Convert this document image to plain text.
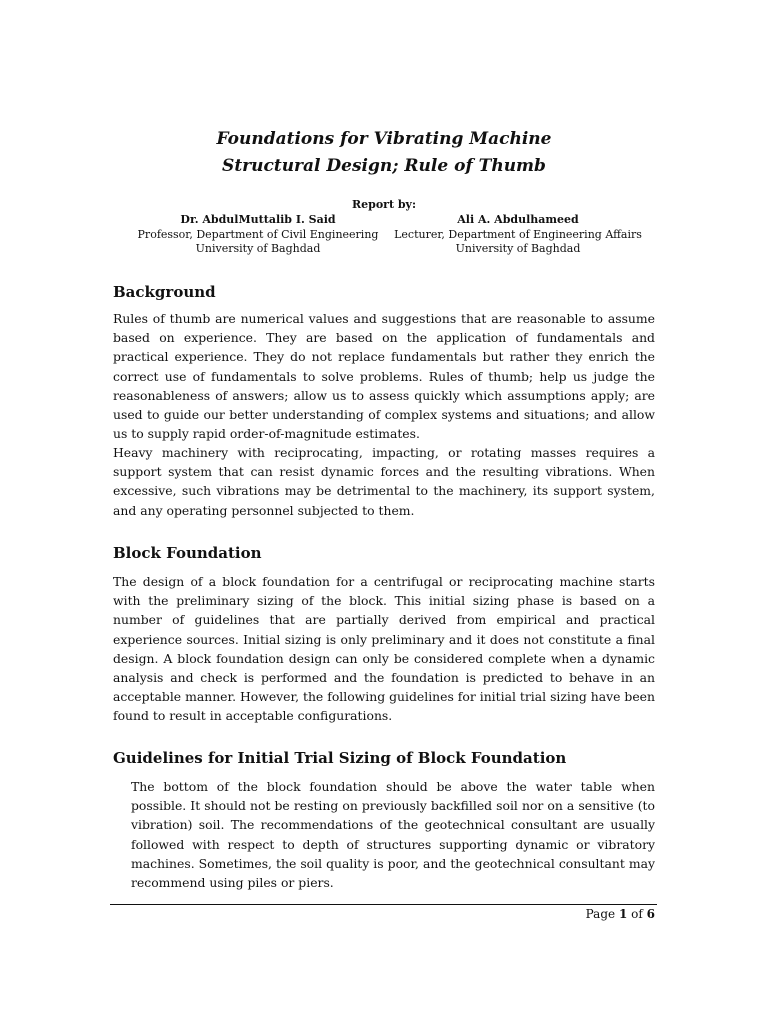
Foundations for Vibrating Machine
Structural Design; Rule of Thumb
Report by:
Dr. AbdulMuttalib I. Said
Professor, Department of Civil Engineering
University of Baghdad
Ali A. Abdulhameed
Lecturer, Department of Engineering Affairs
University of Baghdad
Background

Rules of thumb are numerical values and suggestions that are reasonable to assume based on experience. They are based on the application of fundamentals and practical experience. They do not replace fundamentals but rather they enrich the correct use of fundamentals to solve problems. Rules of thumb; help us judge the reasonableness of answers; allow us to assess quickly which assumptions apply; are used to guide our better understanding of complex systems and situations; and allow us to supply rapid order-of-magnitude estimates.

Heavy machinery with reciprocating, impacting, or rotating masses requires a support system that can resist dynamic forces and the resulting vibrations. When excessive, such vibrations may be detrimental to the machinery, its support system, and any operating personnel subjected to them.

Block Foundation

The design of a block foundation for a centrifugal or reciprocating machine starts with the preliminary sizing of the block. This initial sizing phase is based on a number of guidelines that are partially derived from empirical and practical experience sources. Initial sizing is only preliminary and it does not constitute a final design. A block foundation design can only be considered complete when a dynamic analysis and check is performed and the foundation is predicted to behave in an acceptable manner. However, the following guidelines for initial trial sizing have been found to result in acceptable configurations.

Guidelines for Initial Trial Sizing of Block Foundation

The bottom of the block foundation should be above the water table when possible. It should not be resting on previously backfilled soil nor on a sensitive (to vibration) soil. The recommendations of the geotechnical consultant are usually followed with respect to depth of structures supporting dynamic or vibratory machines. Sometimes, the soil quality is poor, and the geotechnical consultant may recommend using piles or piers.

Page 1 of 6
